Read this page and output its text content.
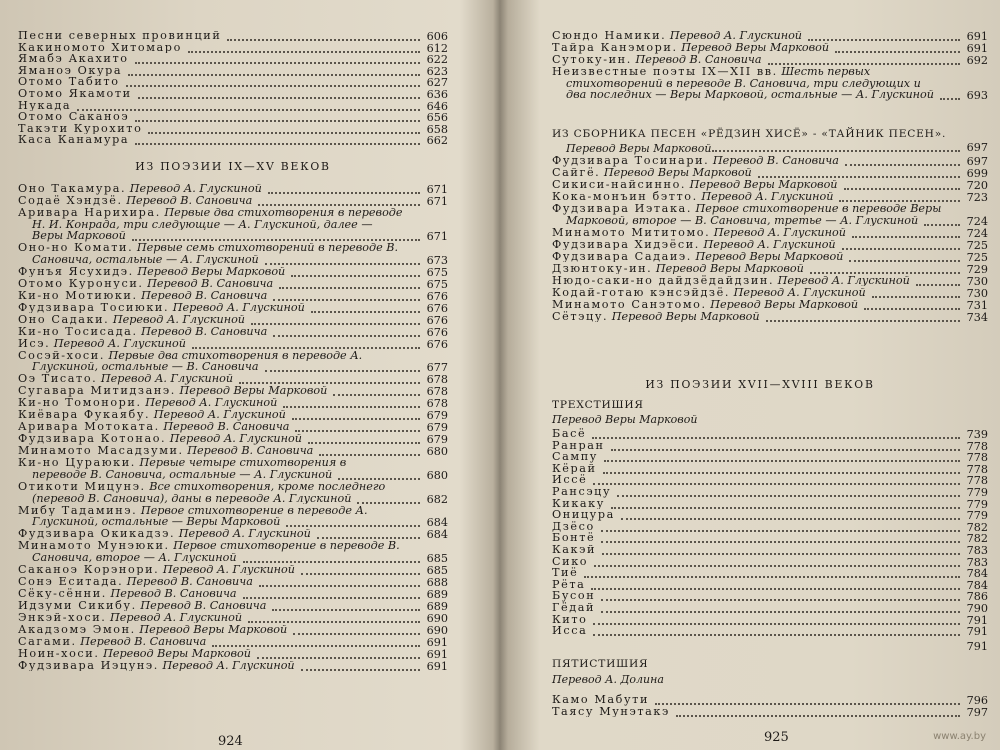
ИЗ ПОЭЗИИ IX—XV ВЕКОВ
924
Песни северных провинций	606
Какиномото Хитомаро	612
Ямабэ Акахито	622
Яманоэ Окура	623
Отомо Табито	627
Отомо Якамоти	636
Нукада	646
Отомо Саканоэ	656
Такэти Курохито	658
Каса Канамура	662
Оно Такамура. Перевод А. Глускиной	671
Содаё Хэндзё. Перевод В. Сановича	671
Аривара Нарихира. Первые два стихотворения в переводе
Н. И. Конрада, три следующие — А. Глускиной, далее —
Веры Марковой	671
Оно-но Комати. Первые семь стихотворений в переводе В.
Сановича, остальные — А. Глускиной	673
Фунъя Ясухидэ. Перевод Веры Марковой	675
Отомо Куронуси. Перевод В. Сановича	675
Ки-но Мотиюки. Перевод В. Сановича	676
Фудзивара Тосиюки. Перевод А. Глускиной	676
Оно Садаки. Перевод А. Глускиной	676
Ки-но Тосисада. Перевод В. Сановича	676
Исэ. Перевод А. Глускиной	676
Сосэй-хоси. Первые два стихотворения в переводе А.
Глускиной, остальные — В. Сановича	677
Оэ Тисато. Перевод А. Глускиной	678
Сугавара Митидзанэ. Перевод Веры Марковой	678
Ки-но Томонори. Перевод А. Глускиной	678
Киёвара Фукаябу. Перевод А. Глускиной	679
Аривара Мотоката. Перевод В. Сановича	679
Фудзивара Котонао. Перевод А. Глускиной	679
Минамото Масадзуми. Перевод В. Сановича	680
Ки-но Цураюки. Первые четыре стихотворения в
переводе В. Сановича, остальные — А. Глускиной	680
Отикоти Мицунэ. Все стихотворения, кроме последнего
(перевод В. Сановича), даны в переводе А. Глускиной	682
Мибу Тадаминэ. Первое стихотворение в переводе А.
Глускиной, остальные — Веры Марковой	684
Фудзивара Окикадзэ. Перевод А. Глускиной	684
Минамото Мунэюки. Первое стихотворение в переводе В.
Сановича, второе — А. Глускиной	685
Саканоэ Корэнори. Перевод А. Глускиной	685
Сонэ Ёситада. Перевод В. Сановича	688
Сёку-сённи. Перевод В. Сановича	689
Идзуми Сикибу. Перевод В. Сановича	689
Энкэй-хоси. Перевод А. Глускиной	690
Акадзомэ Эмон. Перевод Веры Марковой	690
Сагами. Перевод В. Сановича	691
Ноин-хоси. Перевод Веры Марковой	691
Фудзивара Иэцунэ. Перевод А. Глускиной	691
ИЗ СБОРНИКА ПЕСЕН «РЁДЗИН ХИСЁ» - «ТАЙНИК ПЕСЕН».
Перевод Веры Марковой	697
ИЗ ПОЭЗИИ XVII—XVIII ВЕКОВ
ТРЕХСТИШИЯ
Перевод Веры Марковой
ПЯТИСТИШИЯ
Перевод А. Долина
925
Сюндо Намики. Перевод А. Глускиной	691
Тайра Канэмори. Перевод Веры Марковой	691
Сутоку-ин. Перевод В. Сановича	692
Неизвестные поэты IX—XII вв. Шесть первых
стихотворений в переводе В. Сановича, три следующих и
два последних — Веры Марковой, остальные — А. Глускиной	693
Фудзивара Тосинари. Перевод В. Сановича	697
Сайгё. Перевод Веры Марковой	699
Сикиси-найсинно. Перевод Веры Марковой	720
Кока-монъин бэтто. Перевод А. Глускиной	723
Фудзивара Иэтака. Первое стихотворение в переводе Веры
Марковой, второе — В. Сановича, третье — А. Глускиной	724
Минамото Мититомо. Перевод А. Глускиной	724
Фудзивара Хидэёси. Перевод А. Глускиной	725
Фудзивара Садаиэ. Перевод Веры Марковой	725
Дзюнтоку-ин. Перевод Веры Марковой	729
Нюдо-саки-но дайдзёдайдзин. Перевод А. Глускиной	730
Кодай-готаю кэнсэйдзё. Перевод А. Глускиной	730
Минамото Санэтомо. Перевод Веры Марковой	731
Сётэцу. Перевод Веры Марковой	734
Басё	739
Ранран	778
Сампу	778
Кёрай	778
Иссё	778
Рансэцу	779
Кикаку	779
Оницура	779
Дзёсо	782
Бонтё	782
Какэй	783
Сико	783
Тиё	784
Рёта	784
Бусон	786
Гёдай	790
Кито	791
Исса	791
791
Камо Мабути	796
Таясу Мунэтакэ	797
www.ay.by
